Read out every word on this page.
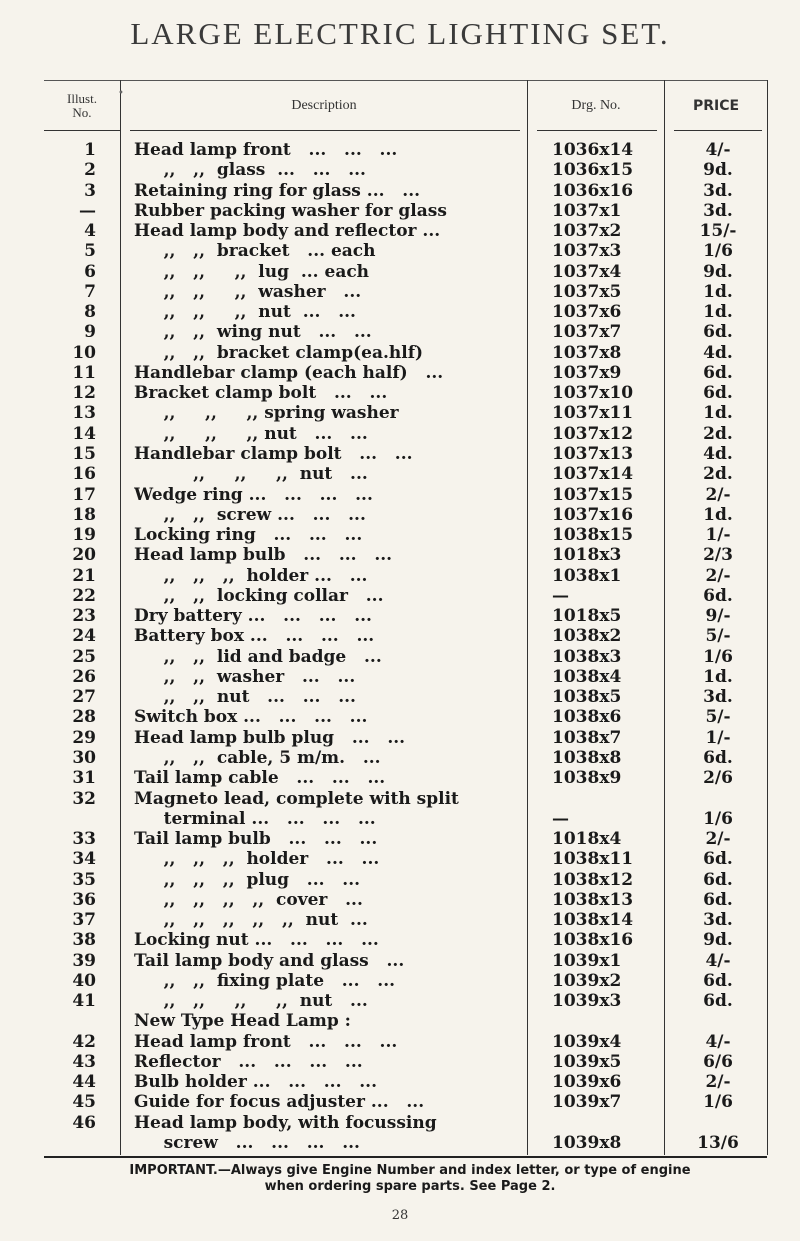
LARGE ELECTRIC LIGHTING SET.
•
Illust.
No.	Description	Drg. No.	PRICE
1 Head lamp front   ...   ...   ...	1036x14	4/-
2 ,,   ,,  glass  ...   ...   ...	1036x15	9d.
3 Retaining ring for glass ...   ...	1036x16	3d.
— Rubber packing washer for glass	1037x1	3d.
4 Head lamp body and reflector ...	1037x2	15/-
5 ,,   ,,  bracket   ... each	1037x3	1/6
6 ,,   ,,     ,,  lug  ... each	1037x4	9d.
7 ,,   ,,     ,,  washer   ...	1037x5	1d.
8 ,,   ,,     ,,  nut  ...   ...	1037x6	1d.
9 ,,   ,,  wing nut   ...   ...	1037x7	6d.
10 ,,   ,,  bracket clamp(ea.hlf)	1037x8	4d.
11 Handlebar clamp (each half)   ...	1037x9	6d.
12 Bracket clamp bolt   ...   ...	1037x10	6d.
13 ,,     ,,     ,, spring washer	1037x11	1d.
14 ,,     ,,     ,, nut   ...   ...	1037x12	2d.
15 Handlebar clamp bolt   ...   ...	1037x13	4d.
16 ,,     ,,     ,,  nut   ...	1037x14	2d.
17 Wedge ring ...   ...   ...   ...	1037x15	2/-
18 ,,   ,,  screw ...   ...   ...	1037x16	1d.
19 Locking ring   ...   ...   ...	1038x15	1/-
20 Head lamp bulb   ...   ...   ...	1018x3	2/3
21 ,,   ,,   ,,  holder ...   ...	1038x1	2/-
22 ,,   ,,  locking collar   ...	—	6d.
23 Dry battery ...   ...   ...   ...	1018x5	9/-
24 Battery box ...   ...   ...   ...	1038x2	5/-
25 ,,   ,,  lid and badge   ...	1038x3	1/6
26 ,,   ,,  washer   ...   ...	1038x4	1d.
27 ,,   ,,  nut   ...   ...   ...	1038x5	3d.
28 Switch box ...   ...   ...   ...	1038x6	5/-
29 Head lamp bulb plug   ...   ...	1038x7	1/-
30 ,,   ,,  cable, 5 m/m.   ...	1038x8	6d.
31 Tail lamp cable   ...   ...   ...	1038x9	2/6
32 Magneto lead, complete with split
terminal ...   ...   ...   ...	—	1/6
33 Tail lamp bulb   ...   ...   ...	1018x4	2/-
34 ,,   ,,   ,,  holder   ...   ...	1038x11	6d.
35 ,,   ,,   ,,  plug   ...   ...	1038x12	6d.
36 ,,   ,,   ,,   ,,  cover   ...	1038x13	6d.
37 ,,   ,,   ,,   ,,   ,,  nut  ...	1038x14	3d.
38 Locking nut ...   ...   ...   ...	1038x16	9d.
39 Tail lamp body and glass   ...	1039x1	4/-
40 ,,   ,,  fixing plate   ...   ...	1039x2	6d.
41 ,,   ,,     ,,     ,,  nut   ...	1039x3	6d.
New Type Head Lamp :
42 Head lamp front   ...   ...   ...	1039x4	4/-
43 Reflector   ...   ...   ...   ...	1039x5	6/6
44 Bulb holder ...   ...   ...   ...	1039x6	2/-
45 Guide for focus adjuster ...   ...	1039x7	1/6
46 Head lamp body, with focussing
screw   ...   ...   ...   ...	1039x8	13/6
IMPORTANT.—Always give Engine Number and index letter, or type of engine
when ordering spare parts. See Page 2.
28
